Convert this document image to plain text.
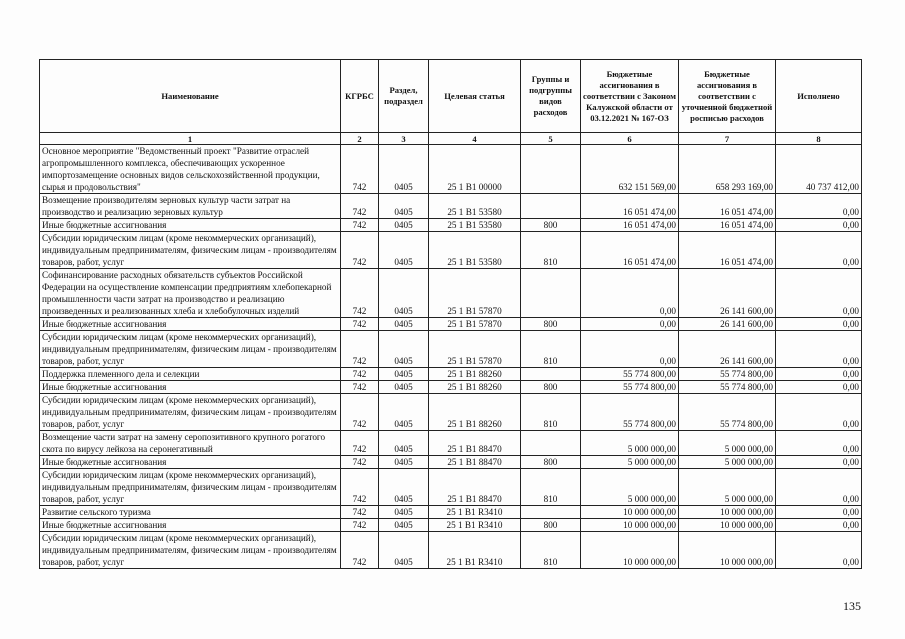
Наименование	КГРБС	Раздел, подраздел	Целевая статья	Группы и подгруппы видов расходов	Бюджетные ассигнования в соответствии с Законом Калужской области от 03.12.2021 № 167-ОЗ	Бюджетные ассигнования в соответствии с уточненной бюджетной росписью расходов	Исполнено
1	2	3	4	5	6	7	8
Основное мероприятие "Ведомственный проект "Развитие отраслей агропромышленного комплекса, обеспечивающих ускоренное импортозамещение основных видов сельскохозяйственной продукции, сырья и продовольствия"	742	0405	25 1 B1 00000		632 151 569,00	658 293 169,00	40 737 412,00
Возмещение производителям зерновых культур части затрат на производство и реализацию зерновых культур	742	0405	25 1 B1 53580		16 051 474,00	16 051 474,00	0,00
Иные бюджетные ассигнования	742	0405	25 1 B1 53580	800	16 051 474,00	16 051 474,00	0,00
Субсидии юридическим лицам (кроме некоммерческих организаций), индивидуальным предпринимателям, физическим лицам - производителям товаров, работ, услуг	742	0405	25 1 B1 53580	810	16 051 474,00	16 051 474,00	0,00
Софинансирование расходных обязательств субъектов Российской Федерации на осуществление компенсации предприятиям хлебопекарной промышленности части затрат на производство и реализацию произведенных и реализованных хлеба и хлебобулочных изделий	742	0405	25 1 B1 57870		0,00	26 141 600,00	0,00
Иные бюджетные ассигнования	742	0405	25 1 B1 57870	800	0,00	26 141 600,00	0,00
Субсидии юридическим лицам (кроме некоммерческих организаций), индивидуальным предпринимателям, физическим лицам - производителям товаров, работ, услуг	742	0405	25 1 B1 57870	810	0,00	26 141 600,00	0,00
Поддержка племенного дела и селекции	742	0405	25 1 B1 88260		55 774 800,00	55 774 800,00	0,00
Иные бюджетные ассигнования	742	0405	25 1 B1 88260	800	55 774 800,00	55 774 800,00	0,00
Субсидии юридическим лицам (кроме некоммерческих организаций), индивидуальным предпринимателям, физическим лицам - производителям товаров, работ, услуг	742	0405	25 1 B1 88260	810	55 774 800,00	55 774 800,00	0,00
Возмещение части затрат на замену серопозитивного крупного рогатого скота по вирусу лейкоза на серонегативный	742	0405	25 1 B1 88470		5 000 000,00	5 000 000,00	0,00
Иные бюджетные ассигнования	742	0405	25 1 B1 88470	800	5 000 000,00	5 000 000,00	0,00
Субсидии юридическим лицам (кроме некоммерческих организаций), индивидуальным предпринимателям, физическим лицам - производителям товаров, работ, услуг	742	0405	25 1 B1 88470	810	5 000 000,00	5 000 000,00	0,00
Развитие сельского туризма	742	0405	25 1 B1 R3410		10 000 000,00	10 000 000,00	0,00
Иные бюджетные ассигнования	742	0405	25 1 B1 R3410	800	10 000 000,00	10 000 000,00	0,00
Субсидии юридическим лицам (кроме некоммерческих организаций), индивидуальным предпринимателям, физическим лицам - производителям товаров, работ, услуг	742	0405	25 1 B1 R3410	810	10 000 000,00	10 000 000,00	0,00
135
